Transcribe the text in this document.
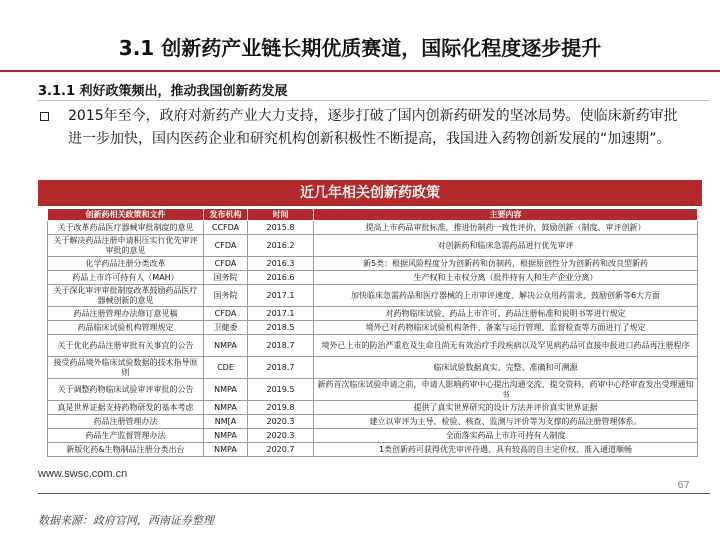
3.1 创新药产业链长期优质赛道，国际化程度逐步提升
3.1.1 利好政策频出，推动我国创新药发展
2015年至今，政府对新药产业大力支持，逐步打破了国内创新药研发的坚冰局势。使临床新药审批进一步加快，国内医药企业和研究机构创新积极性不断提高，我国进入药物创新发展的“加速期”。
近几年相关创新药政策
创新药相关政策和文件	发布机构	时间	主要内容
关于改革药品医疗器械审批制度的意见	CCFDA	2015.8	提高上市药品审批标准，推进仿制药一致性评价，鼓励创新（制度、审评创新）
关于解决药品注册申请积压实行优先审评审批的意见	CFDA	2016.2	对创新药和临床急需药品进行优先审评
化学药品注册分类改革	CFDA	2016.3	新5类：根据风险程度分为创新药和仿制药，根据原创性分为创新药和改良型新药
药品上市许可持有人（MAH）	国务院	2016.6	生产权和上市权分离（批件持有人和生产企业分离）
关于深化审评审批制度改革鼓励药品医疗器械创新的意见	国务院	2017.1	加快临床急需药品和医疗器械的上市审评速度、解决公众用药需求、鼓励创新等6大方面
药品注册管理办法修订意见稿	CFDA	2017.1	对药物临床试验、药品上市许可、药品注册标准和说明书等进行规定
药品临床试验机构管理规定	卫健委	2018.5	境外已对药物临床试验机构条件、备案与运行管理、监督检查等方面进行了规定
关于优化药品注册审批有关事宜的公告	NMPA	2018.7	境外已上市的防治严重危及生命且尚无有效治疗手段疾病以及罕见病药品可直接申报进口药品再注册程序
接受药品境外临床试验数据的技术指导原则	CDE	2018.7	临床试验数据真实、完整、准确和可溯源
关于调整药物临床试验审评审批的公告	NMPA	2019.5	新药首次临床试验申请之前，申请人影响药审中心提出沟通交流、提交资料，药审中心经审查发出受理通知书
真是世界证据支持药物研发的基本考虑	NMPA	2019.8	提供了真实世界研究的设计方法并评价真实世界证据
药品注册管理办法	NM[A	2020.3	建立以审评为主导，检验、核查、监测与评价等为支撑的药品注册管理体系。
药品生产监督管理办法	NMPA	2020.3	全面落实药品上市许可持有人制度
新版化药&生物制品注册分类出台	NMPA	2020.7	1类创新药可获得优先审评待遇、具有较高的自主定价权、准入通道顺畅
www.swsc.com.cn
67
数据来源：政府官网，西南证券整理
